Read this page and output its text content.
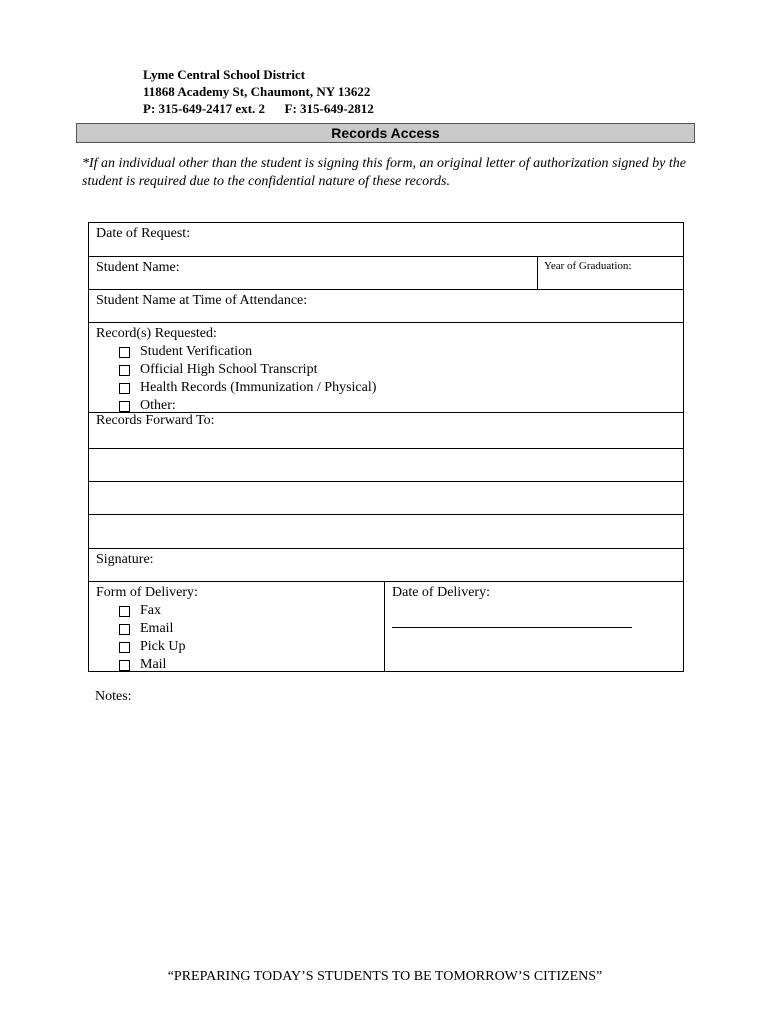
Lyme Central School District
11868 Academy St, Chaumont, NY 13622
P: 315-649-2417 ext. 2 F: 315-649-2812
Records Access
*If an individual other than the student is signing this form, an original letter of authorization signed by the student is required due to the confidential nature of these records.
Date of Request:
Student Name:	Year of Graduation:
Student Name at Time of Attendance:
Record(s) Requested:
Student Verification
Official High School Transcript
Health Records (Immunization / Physical)
Other:
Records Forward To:
Signature:
Form of Delivery:
Fax
Email
Pick Up
Mail
Date of Delivery:
Notes:
“PREPARING TODAY’S STUDENTS TO BE TOMORROW’S CITIZENS”
